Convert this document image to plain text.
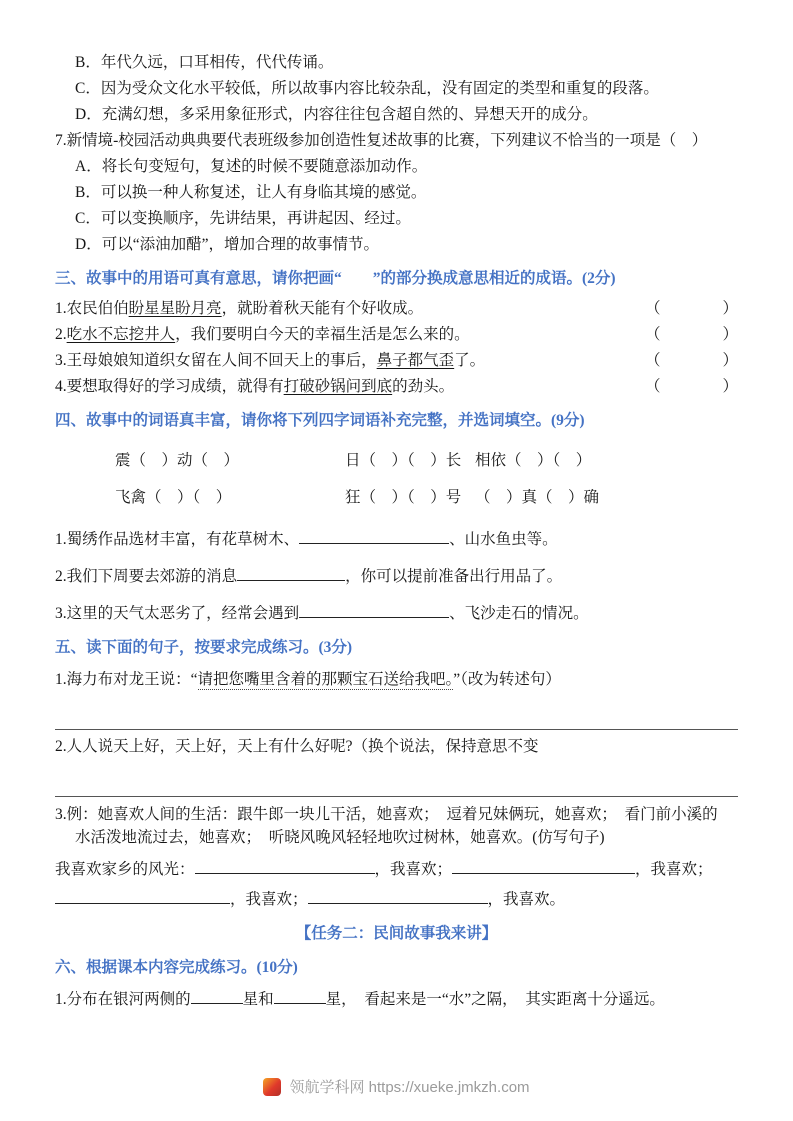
B．年代久远，口耳相传，代代传诵。
C．因为受众文化水平较低，所以故事内容比较杂乱，没有固定的类型和重复的段落。
D．充满幻想，多采用象征形式，内容往往包含超自然的、异想天开的成分。
7.新情境-校园活动典典要代表班级参加创造性复述故事的比赛，下列建议不恰当的一项是（　）
A．将长句变短句，复述的时候不要随意添加动作。
B．可以换一种人称复述，让人有身临其境的感觉。
C．可以变换顺序，先讲结果，再讲起因、经过。
D．可以“添油加醋”，增加合理的故事情节。
三、故事中的用语可真有意思，请你把画“　　”的部分换成意思相近的成语。(2分)
1.农民伯伯盼星星盼月亮，就盼着秋天能有个好收成。	（　　　　）
2.吃水不忘挖井人，我们要明白今天的幸福生活是怎么来的。	（　　　　）
3.王母娘娘知道织女留在人间不回天上的事后，鼻子都气歪了。	（　　　　）
4.要想取得好的学习成绩，就得有打破砂锅问到底的劲头。	（　　　　）
四、故事中的词语真丰富，请你将下列四字词语补充完整，并选词填空。(9分)
震（　）动（　）	日（　）（　）长 相依（　）（　）
飞禽（　）（　）	狂（　）（　）号 （　）真（　）确
1.蜀绣作品选材丰富，有花草树木、	、山水鱼虫等。
2.我们下周要去郊游的消息	，你可以提前准备出行用品了。
3.这里的天气太恶劣了，经常会遇到	、飞沙走石的情况。
五、读下面的句子，按要求完成练习。(3分)
1.海力布对龙王说：“请把您嘴里含着的那颗宝石送给我吧。”（改为转述句）
2.人人说天上好，天上好，天上有什么好呢?（换个说法，保持意思不变
3.例：她喜欢人间的生活：跟牛郎一块儿干活，她喜欢；　逗着兄妹俩玩，她喜欢；　看门前小溪的
水活泼地流过去，她喜欢；　听晓风晚风轻轻地吹过树林，她喜欢。(仿写句子)
我喜欢家乡的风光：	，我喜欢；	，我喜欢；
，我喜欢；	，我喜欢。
【任务二：民间故事我来讲】
六、根据课本内容完成练习。(10分)
1.分布在银河两侧的	星和	星，　看起来是一“水”之隔，　其实距离十分遥远。
领航学科网 https://xueke.jmkzh.com
